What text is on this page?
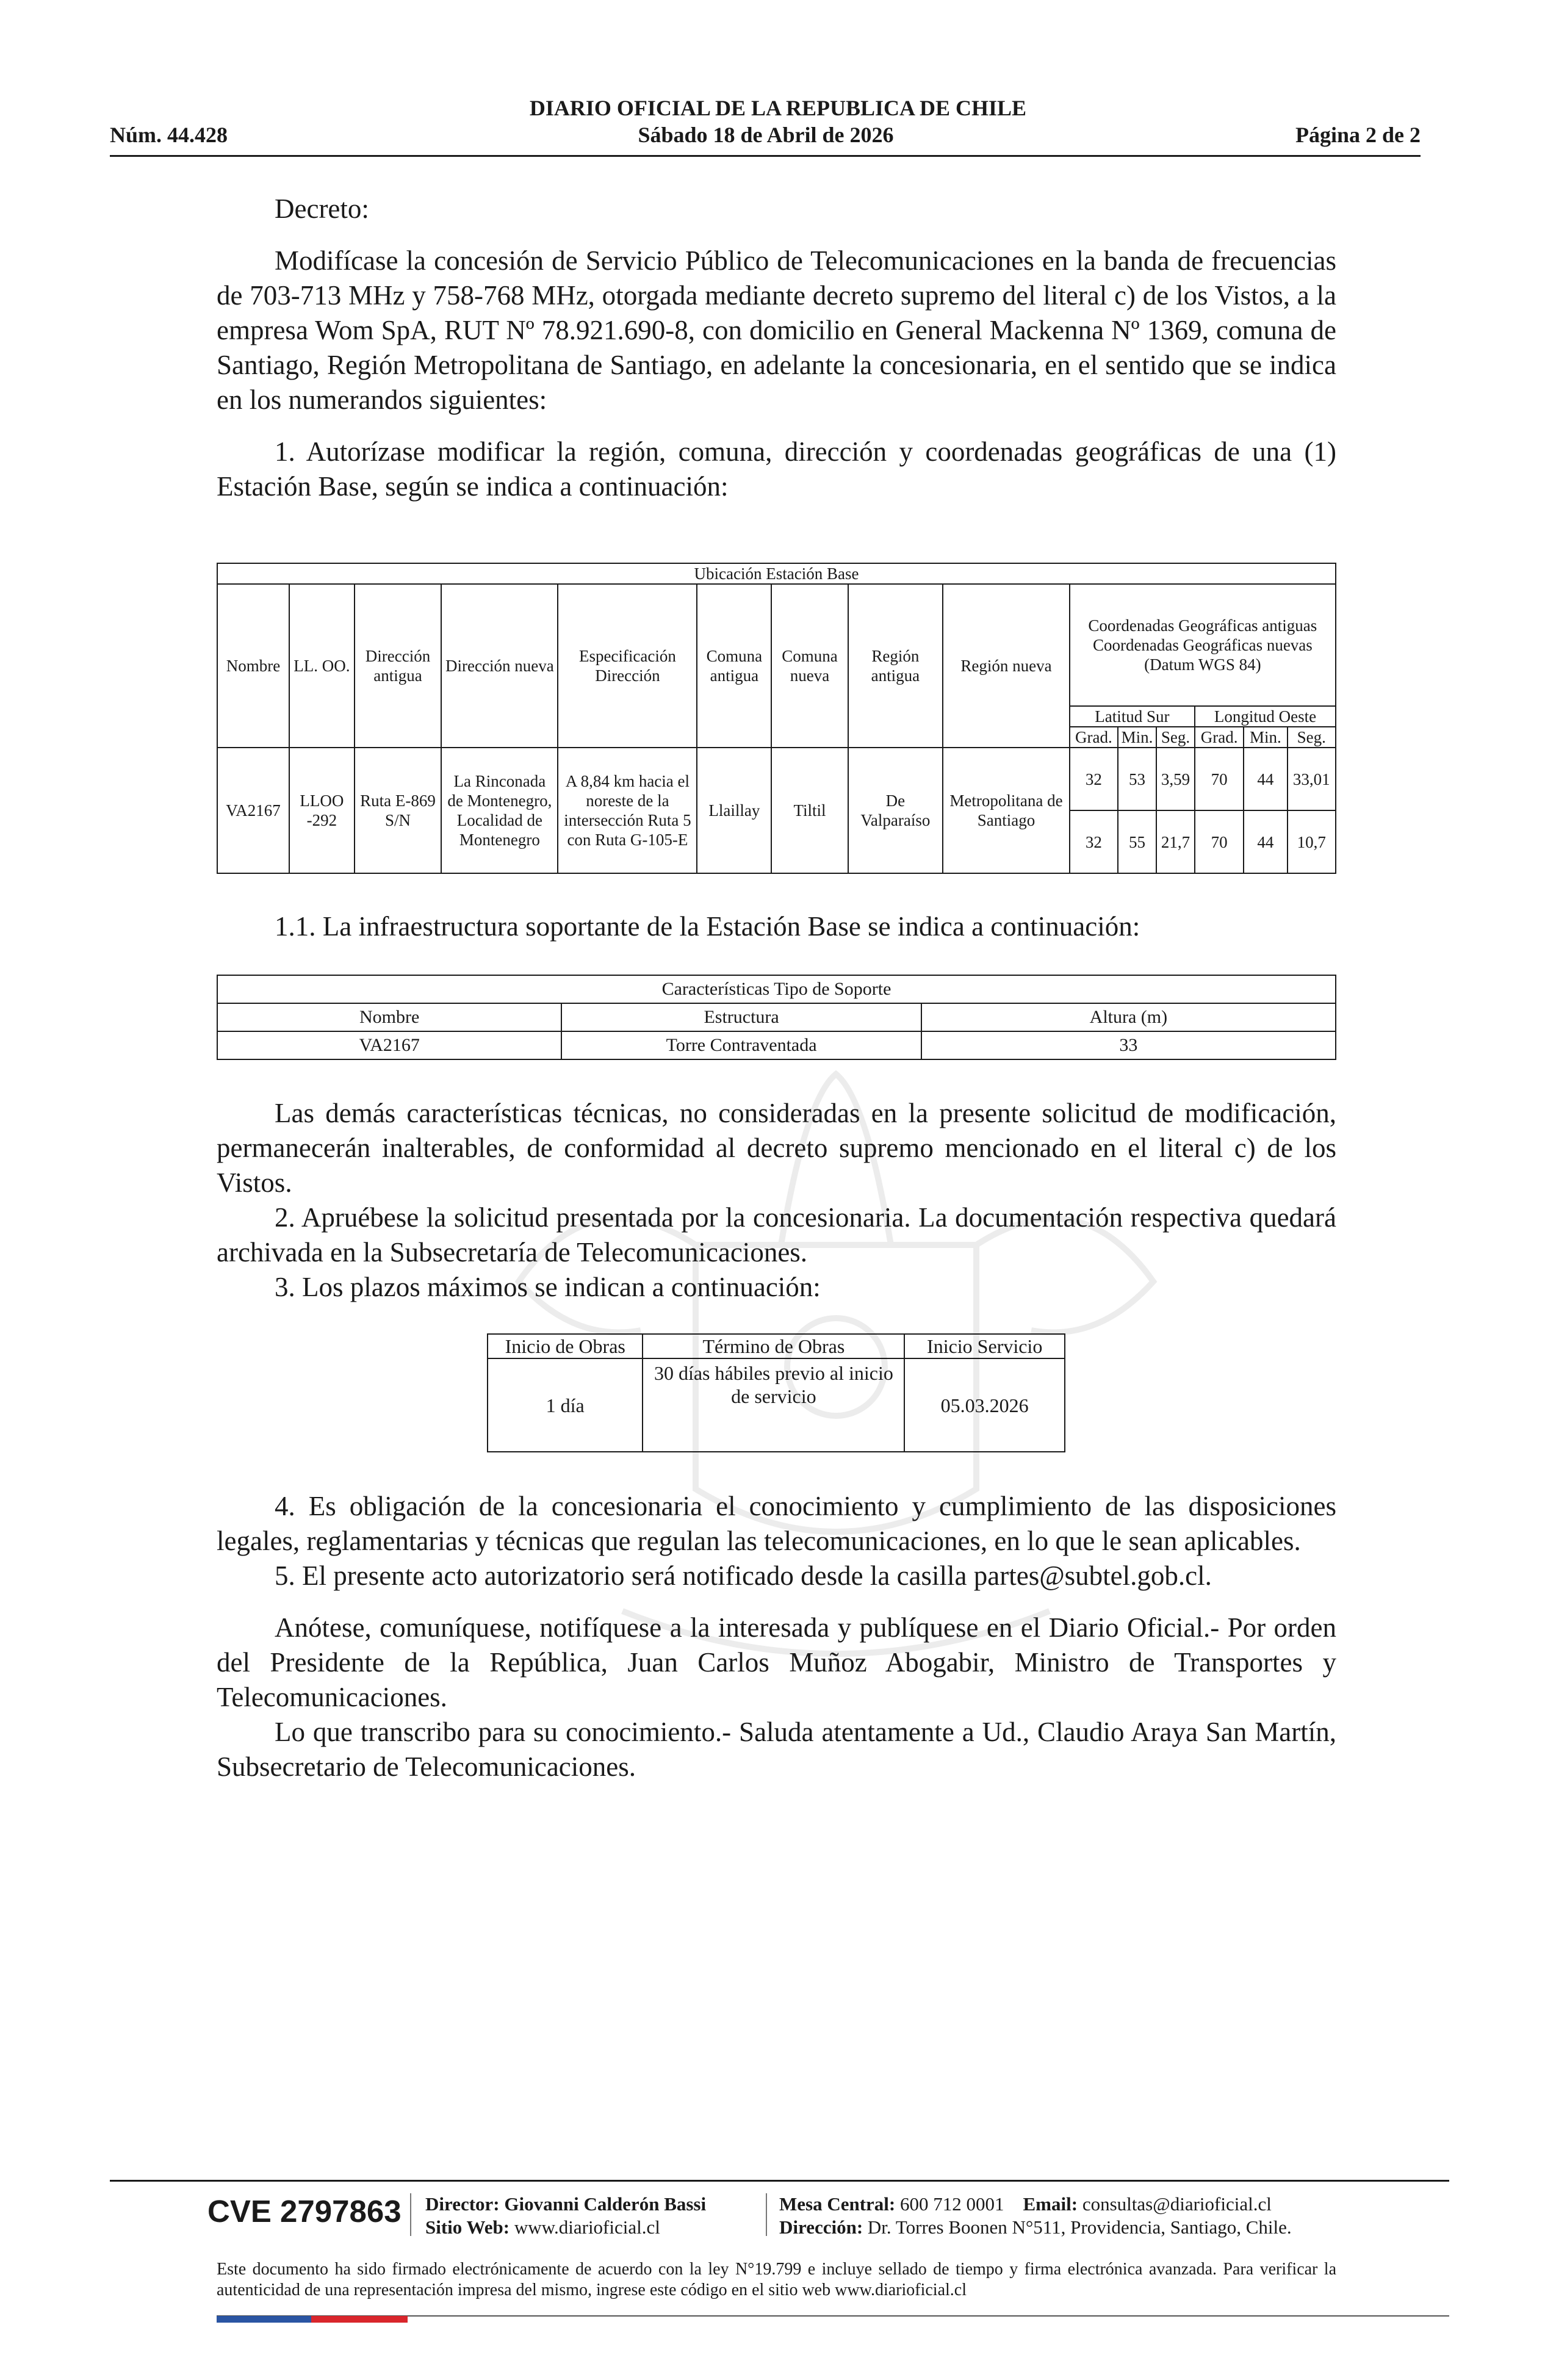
DIARIO OFICIAL DE LA REPUBLICA DE CHILE
Núm. 44.428	Sábado 18 de Abril de 2026	Página 2 de 2

Decreto:

Modifícase la concesión de Servicio Público de Telecomunicaciones en la banda de frecuencias de 703-713 MHz y 758-768 MHz, otorgada mediante decreto supremo del literal c) de los Vistos, a la empresa Wom SpA, RUT Nº 78.921.690-8, con domicilio en General Mackenna Nº 1369, comuna de Santiago, Región Metropolitana de Santiago, en adelante la concesionaria, en el sentido que se indica en los numerandos siguientes:

1. Autorízase modificar la región, comuna, dirección y coordenadas geográficas de una (1) Estación Base, según se indica a continuación:

Ubicación Estación Base														
Nombre	LL. OO.	Dirección antigua	Dirección nueva	Especificación Dirección	Comuna antigua	Comuna nueva	Región antigua	Región nueva	Coordenadas Geográficas antiguas
Coordenadas Geográficas nuevas
(Datum WGS 84)					

									Latitud Sur			Longitud Oeste		
									Grad.	Min.	Seg.	Grad.	Min.	Seg.
VA2167	LLOO -292	Ruta E-869 S/N	La Rinconada de Montenegro, Localidad de Montenegro	A 8,84 km hacia el noreste de la intersección Ruta 5 con Ruta G-105-E	Llaillay	Tiltil	De Valparaíso	Metropolitana de Santiago	32	53	3,59	70	44	33,01
									32	55	21,7	70	44	10,7

1.1. La infraestructura soportante de la Estación Base se indica a continuación:

Características Tipo de Soporte		
Nombre	Estructura	Altura (m)
VA2167	Torre Contraventada	33

Las demás características técnicas, no consideradas en la presente solicitud de modificación, permanecerán inalterables, de conformidad al decreto supremo mencionado en el literal c) de los Vistos.

2. Apruébese la solicitud presentada por la concesionaria. La documentación respectiva quedará archivada en la Subsecretaría de Telecomunicaciones.

3. Los plazos máximos se indican a continuación:

Inicio de Obras	Término de Obras	Inicio Servicio
1 día	30 días hábiles previo al inicio de servicio	05.03.2026

4. Es obligación de la concesionaria el conocimiento y cumplimiento de las disposiciones legales, reglamentarias y técnicas que regulan las telecomunicaciones, en lo que le sean aplicables.

5. El presente acto autorizatorio será notificado desde la casilla partes@subtel.gob.cl.

Anótese, comuníquese, notifíquese a la interesada y publíquese en el Diario Oficial.- Por orden del Presidente de la República, Juan Carlos Muñoz Abogabir, Ministro de Transportes y Telecomunicaciones.

Lo que transcribo para su conocimiento.- Saluda atentamente a Ud., Claudio Araya San Martín, Subsecretario de Telecomunicaciones.

CVE 2797863 Director: Giovanni Calderón Bassi
Sitio Web: www.diarioficial.cl
Mesa Central: 600 712 0001 Email: consultas@diarioficial.cl
Dirección: Dr. Torres Boonen N°511, Providencia, Santiago, Chile.
Este documento ha sido firmado electrónicamente de acuerdo con la ley N°19.799 e incluye sellado de tiempo y firma electrónica avanzada. Para verificar la autenticidad de una representación impresa del mismo, ingrese este código en el sitio web www.diarioficial.cl
